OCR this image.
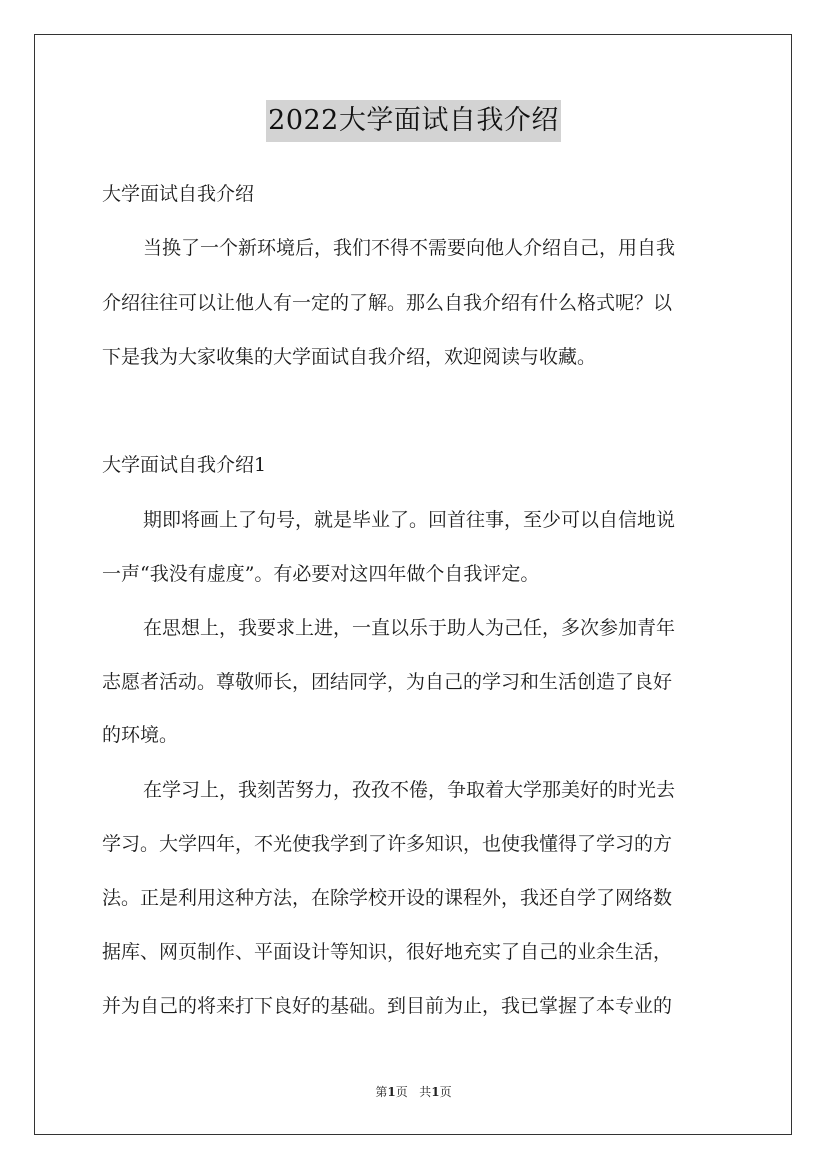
2022大学面试自我介绍
大学面试自我介绍
当换了一个新环境后，我们不得不需要向他人介绍自己，用自我
介绍往往可以让他人有一定的了解。那么自我介绍有什么格式呢？以
下是我为大家收集的大学面试自我介绍，欢迎阅读与收藏。
大学面试自我介绍1
期即将画上了句号，就是毕业了。回首往事，至少可以自信地说
一声“我没有虚度”。有必要对这四年做个自我评定。
在思想上，我要求上进，一直以乐于助人为己任，多次参加青年
志愿者活动。尊敬师长，团结同学，为自己的学习和生活创造了良好
的环境。
在学习上，我刻苦努力，孜孜不倦，争取着大学那美好的时光去
学习。大学四年，不光使我学到了许多知识，也使我懂得了学习的方
法。正是利用这种方法，在除学校开设的课程外，我还自学了网络数
据库、网页制作、平面设计等知识，很好地充实了自己的业余生活，
并为自己的将来打下良好的基础。到目前为止，我已掌握了本专业的
第1页 共1页
